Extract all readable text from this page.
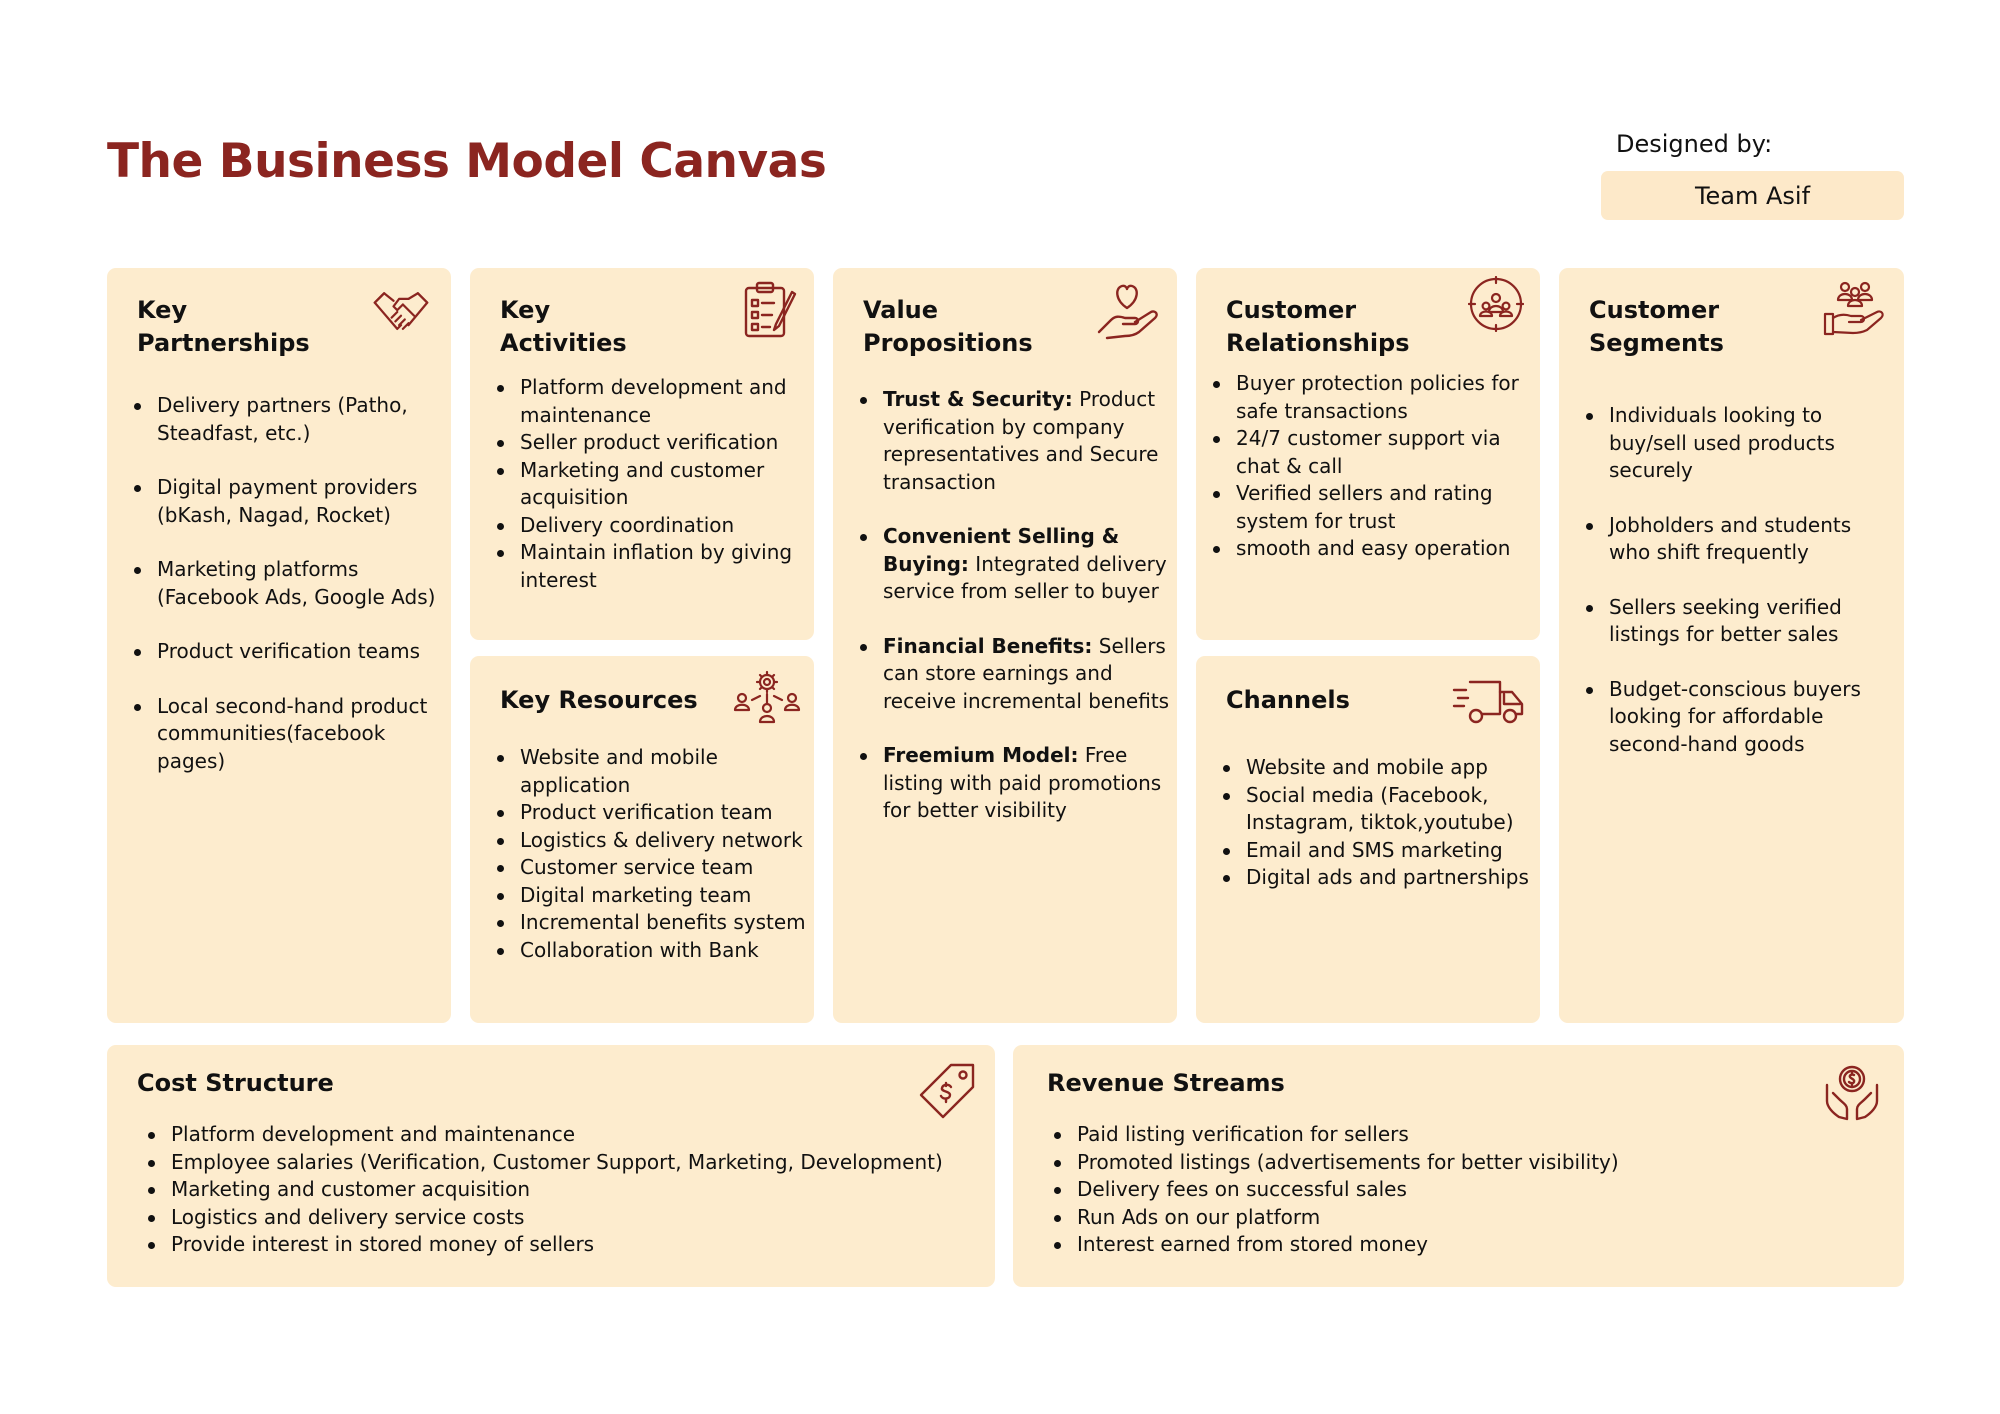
The Business Model Canvas	Designed by:
Team Asif
Key
Partnerships
Delivery partners (Patho, Steadfast, etc.)
Digital payment providers (bKash, Nagad, Rocket)
Marketing platforms (Facebook Ads, Google Ads)
Product verification teams
Local second-hand product communities(facebook pages)
Key
Activities
Platform development and maintenance
Seller product verification
Marketing and customer acquisition
Delivery coordination
Maintain inflation by giving interest
Key Resources
Website and mobile application
Product verification team
Logistics & delivery network
Customer service team
Digital marketing team
Incremental benefits system
Collaboration with Bank
Value
Propositions
Trust & Security: Product verification by company representatives and Secure transaction
Convenient Selling & Buying: Integrated delivery service from seller to buyer
Financial Benefits: Sellers can store earnings and receive incremental benefits
Freemium Model: Free listing with paid promotions for better visibility
Customer
Relationships
Buyer protection policies for safe transactions
24/7 customer support via chat & call
Verified sellers and rating system for trust
smooth and easy operation
Channels
Website and mobile app
Social media (Facebook, Instagram, tiktok,youtube)
Email and SMS marketing
Digital ads and partnerships
Customer
Segments
Individuals looking to buy/sell used products securely
Jobholders and students who shift frequently
Sellers seeking verified listings for better sales
Budget-conscious buyers looking for affordable second-hand goods
Cost Structure
Platform development and maintenance
Employee salaries (Verification, Customer Support, Marketing, Development)
Marketing and customer acquisition
Logistics and delivery service costs
Provide interest in stored money of sellers
Revenue Streams
Paid listing verification for sellers
Promoted listings (advertisements for better visibility)
Delivery fees on successful sales
Run Ads on our platform
Interest earned from stored money
